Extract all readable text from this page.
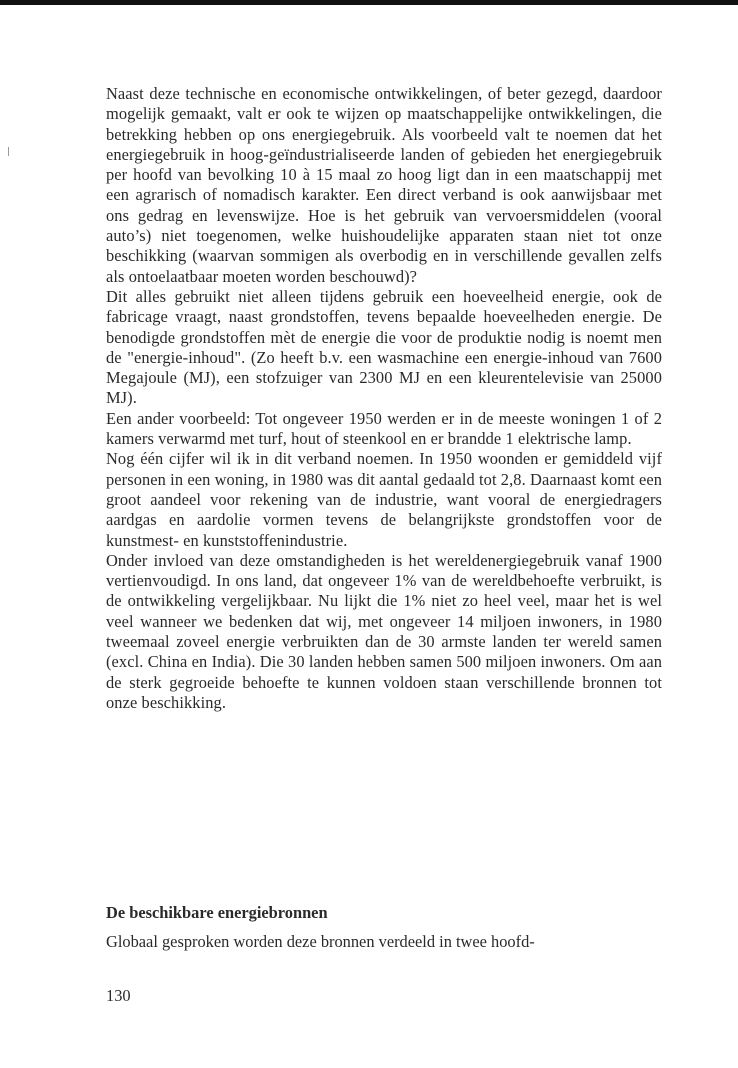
Naast deze technische en economische ontwikkelingen, of beter gezegd, daardoor mogelijk gemaakt, valt er ook te wijzen op maatschappelijke ontwikkelingen, die betrekking hebben op ons energiegebruik. Als voorbeeld valt te noemen dat het energiegebruik in hoog-geïndustrialiseerde landen of gebieden het energiegebruik per hoofd van bevolking 10 à 15 maal zo hoog ligt dan in een maatschappij met een agrarisch of nomadisch karakter. Een direct verband is ook aanwijsbaar met ons gedrag en levenswijze. Hoe is het gebruik van vervoersmiddelen (vooral auto’s) niet toegenomen, welke huishoudelijke apparaten staan niet tot onze beschikking (waarvan sommigen als overbodig en in verschillende gevallen zelfs als ontoelaatbaar moeten worden beschouwd)?

Dit alles gebruikt niet alleen tijdens gebruik een hoeveelheid energie, ook de fabricage vraagt, naast grondstoffen, tevens bepaalde hoeveelheden energie. De benodigde grondstoffen mèt de energie die voor de produktie nodig is noemt men de "energie-inhoud". (Zo heeft b.v. een wasmachine een energie-inhoud van 7600 Megajoule (MJ), een stofzuiger van 2300 MJ en een kleurentelevisie van 25000 MJ).

Een ander voorbeeld: Tot ongeveer 1950 werden er in de meeste woningen 1 of 2 kamers verwarmd met turf, hout of steenkool en er brandde 1 elektrische lamp.

Nog één cijfer wil ik in dit verband noemen. In 1950 woonden er gemiddeld vijf personen in een woning, in 1980 was dit aantal gedaald tot 2,8. Daarnaast komt een groot aandeel voor rekening van de industrie, want vooral de energiedragers aardgas en aardolie vormen tevens de belangrijkste grondstoffen voor de kunstmest- en kunststoffenindustrie.

Onder invloed van deze omstandigheden is het wereldenergiegebruik vanaf 1900 vertienvoudigd. In ons land, dat ongeveer 1% van de wereldbehoefte verbruikt, is de ontwikkeling vergelijkbaar. Nu lijkt die 1% niet zo heel veel, maar het is wel veel wanneer we bedenken dat wij, met ongeveer 14 miljoen inwoners, in 1980 tweemaal zoveel energie verbruikten dan de 30 armste landen ter wereld samen (excl. China en India). Die 30 landen hebben samen 500 miljoen inwoners. Om aan de sterk gegroeide behoefte te kunnen voldoen staan verschillende bronnen tot onze beschikking.

De beschikbare energiebronnen

Globaal gesproken worden deze bronnen verdeeld in twee hoofd-

130
